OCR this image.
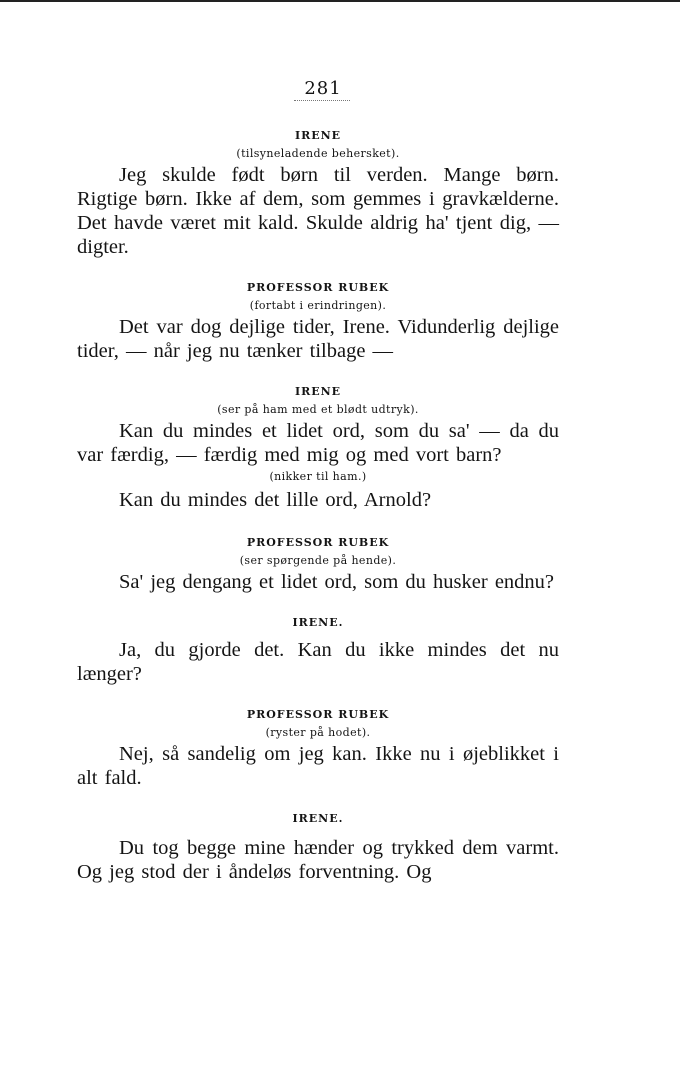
281
IRENE
(tilsyneladende behersket).
Jeg skulde født børn til verden. Mange børn. Rigtige børn. Ikke af dem, som gemmes i gravkælderne. Det havde været mit kald. Skulde aldrig ha' tjent dig, — digter.
PROFESSOR RUBEK
(fortabt i erindringen).
Det var dog dejlige tider, Irene. Vidunderlig dejlige tider, — når jeg nu tænker tilbage —
IRENE
(ser på ham med et blødt udtryk).
Kan du mindes et lidet ord, som du sa' — da du var færdig, — færdig med mig og med vort barn?
(nikker til ham.)
Kan du mindes det lille ord, Arnold?
PROFESSOR RUBEK
(ser spørgende på hende).
Sa' jeg dengang et lidet ord, som du husker endnu?
IRENE.
Ja, du gjorde det. Kan du ikke mindes det nu længer?
PROFESSOR RUBEK
(ryster på hodet).
Nej, så sandelig om jeg kan. Ikke nu i øjeblikket i alt fald.
IRENE.
Du tog begge mine hænder og trykked dem varmt. Og jeg stod der i åndeløs forventning. Og
